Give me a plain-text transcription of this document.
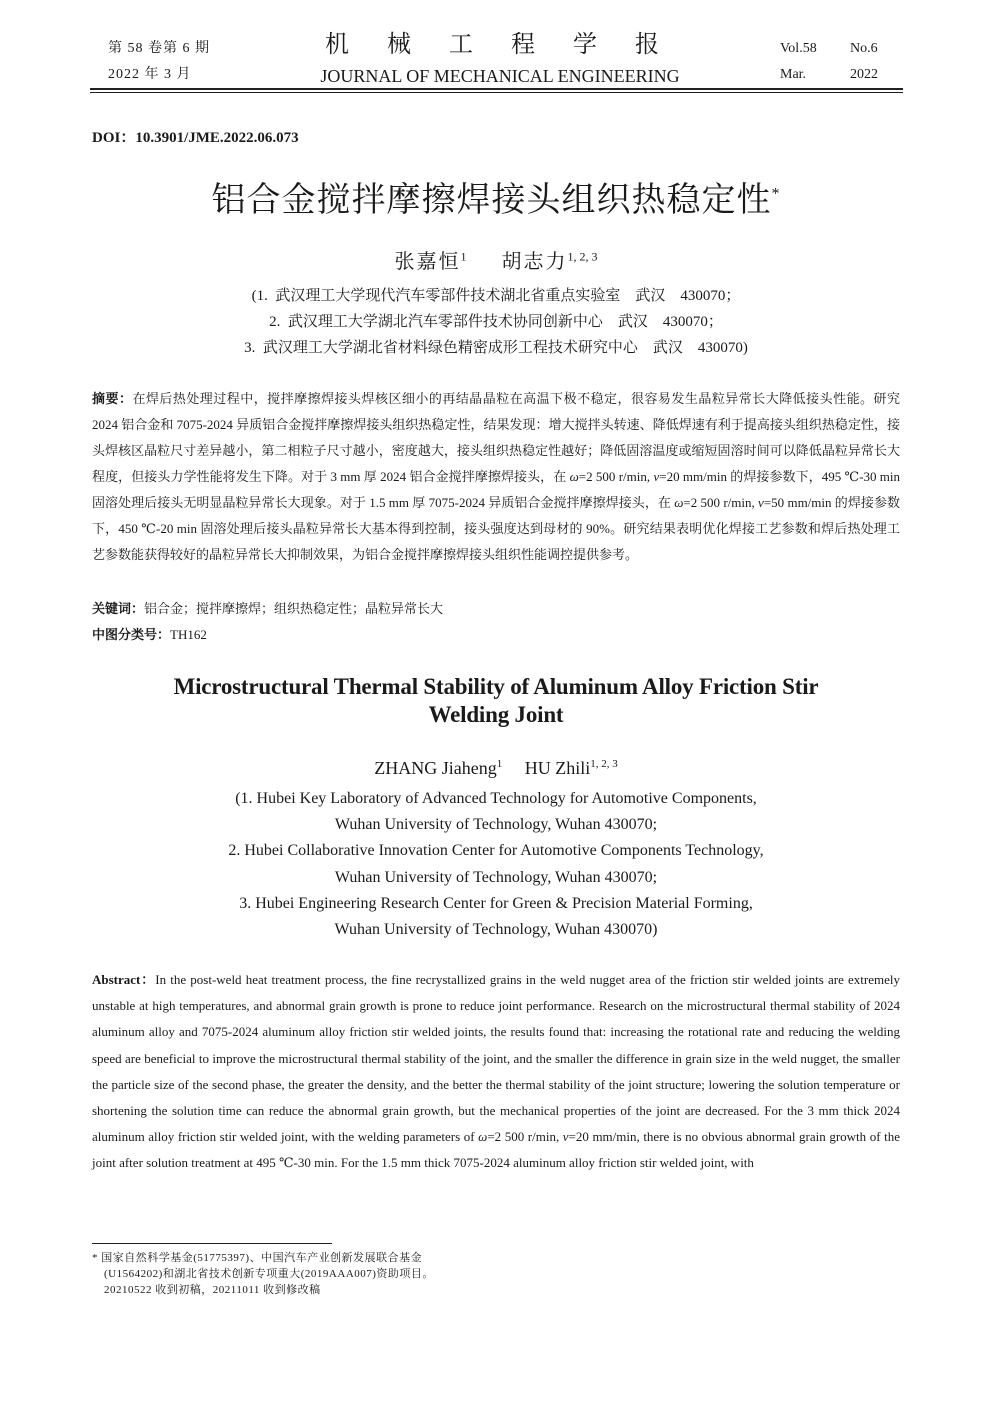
第 58 卷第 6 期
2022 年 3 月
机 械 工 程 学 报
JOURNAL OF MECHANICAL ENGINEERING
Vol.58	No.6
Mar.	2022
DOI：10.3901/JME.2022.06.073
铝合金搅拌摩擦焊接头组织热稳定性*
张嘉恒$^1$ 胡志力$^{1, 2, 3}$
(1.  武汉理工大学现代汽车零部件技术湖北省重点实验室    武汉    430070；
2.  武汉理工大学湖北汽车零部件技术协同创新中心    武汉    430070；
3.  武汉理工大学湖北省材料绿色精密成形工程技术研究中心    武汉    430070)
摘要：在焊后热处理过程中，搅拌摩擦焊接头焊核区细小的再结晶晶粒在高温下极不稳定，很容易发生晶粒异常长大降低接头性能。研究 2024 铝合金和 7075-2024 异质铝合金搅拌摩擦焊接头组织热稳定性，结果发现：增大搅拌头转速、降低焊速有利于提高接头组织热稳定性，接头焊核区晶粒尺寸差异越小，第二相粒子尺寸越小，密度越大，接头组织热稳定性越好；降低固溶温度或缩短固溶时间可以降低晶粒异常长大程度，但接头力学性能将发生下降。对于 3 mm 厚 2024 铝合金搅拌摩擦焊接头，在 ω=2 500 r/min, v=20 mm/min 的焊接参数下，495 ℃-30 min 固溶处理后接头无明显晶粒异常长大现象。对于 1.5 mm 厚 7075-2024 异质铝合金搅拌摩擦焊接头，在 ω=2 500 r/min, v=50 mm/min 的焊接参数下，450 ℃-20 min 固溶处理后接头晶粒异常长大基本得到控制，接头强度达到母材的 90%。研究结果表明优化焊接工艺参数和焊后热处理工艺参数能获得较好的晶粒异常长大抑制效果，为铝合金搅拌摩擦焊接头组织性能调控提供参考。
关键词：铝合金；搅拌摩擦焊；组织热稳定性；晶粒异常长大
中图分类号：TH162
Microstructural Thermal Stability of Aluminum Alloy Friction Stir
Welding Joint
ZHANG Jiaheng$^1$ HU Zhili$^{1, 2, 3}$
(1. Hubei Key Laboratory of Advanced Technology for Automotive Components,
Wuhan University of Technology, Wuhan 430070;
2. Hubei Collaborative Innovation Center for Automotive Components Technology,
Wuhan University of Technology, Wuhan 430070;
3. Hubei Engineering Research Center for Green & Precision Material Forming,
Wuhan University of Technology, Wuhan 430070)
Abstract：In the post-weld heat treatment process, the fine recrystallized grains in the weld nugget area of the friction stir welded joints are extremely unstable at high temperatures, and abnormal grain growth is prone to reduce joint performance. Research on the microstructural thermal stability of 2024 aluminum alloy and 7075-2024 aluminum alloy friction stir welded joints, the results found that: increasing the rotational rate and reducing the welding speed are beneficial to improve the microstructural thermal stability of the joint, and the smaller the difference in grain size in the weld nugget, the smaller the particle size of the second phase, the greater the density, and the better the thermal stability of the joint structure; lowering the solution temperature or shortening the solution time can reduce the abnormal grain growth, but the mechanical properties of the joint are decreased. For the 3 mm thick 2024 aluminum alloy friction stir welded joint, with the welding parameters of ω=2 500 r/min, v=20 mm/min, there is no obvious abnormal grain growth of the joint after solution treatment at 495 ℃-30 min. For the 1.5 mm thick 7075-2024 aluminum alloy friction stir welded joint, with
* 国家自然科学基金(51775397)、中国汽车产业创新发展联合基金
(U1564202)和湖北省技术创新专项重大(2019AAA007)资助项目。
20210522 收到初稿，20211011 收到修改稿
